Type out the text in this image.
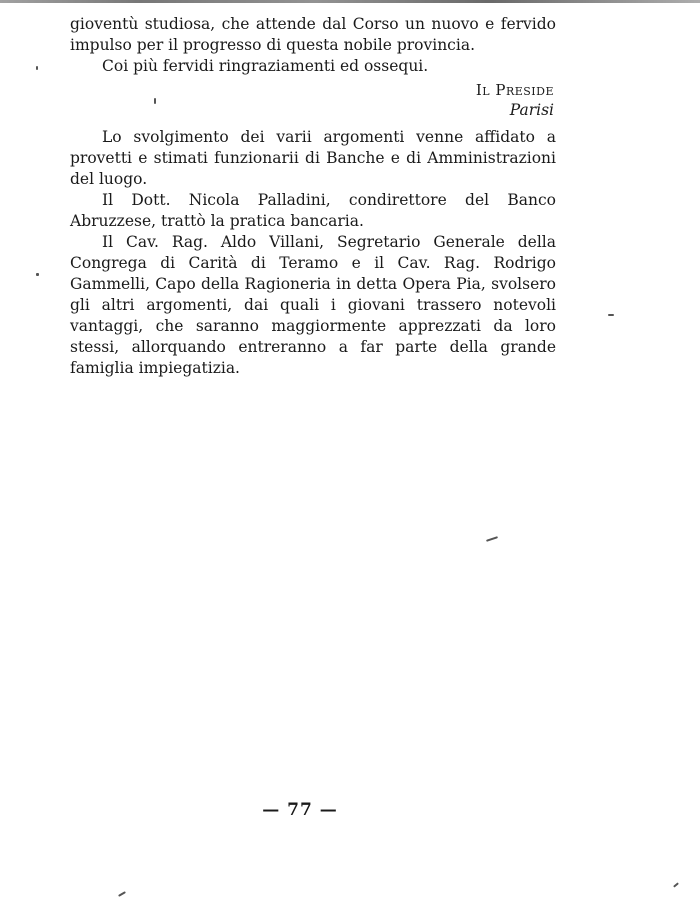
gioventù studiosa, che attende dal Corso un nuovo e fervido impulso per il progresso di questa nobile provincia.

Coi più fervidi ringraziamenti ed ossequi.

Il Preside
Parisi

Lo svolgimento dei varii argomenti venne affidato a provetti e stimati funzionarii di Banche e di Amministrazioni del luogo.

Il Dott. Nicola Palladini, condirettore del Banco Abruzzese, trattò la pratica bancaria.

Il Cav. Rag. Aldo Villani, Segretario Generale della Congrega di Carità di Teramo e il Cav. Rag. Rodrigo Gammelli, Capo della Ragioneria in detta Opera Pia, svolsero gli altri argomenti, dai quali i giovani trassero notevoli vantaggi, che saranno maggiormente apprezzati da loro stessi, allorquando entreranno a far parte della grande famiglia impiegatizia.

— 77 —
